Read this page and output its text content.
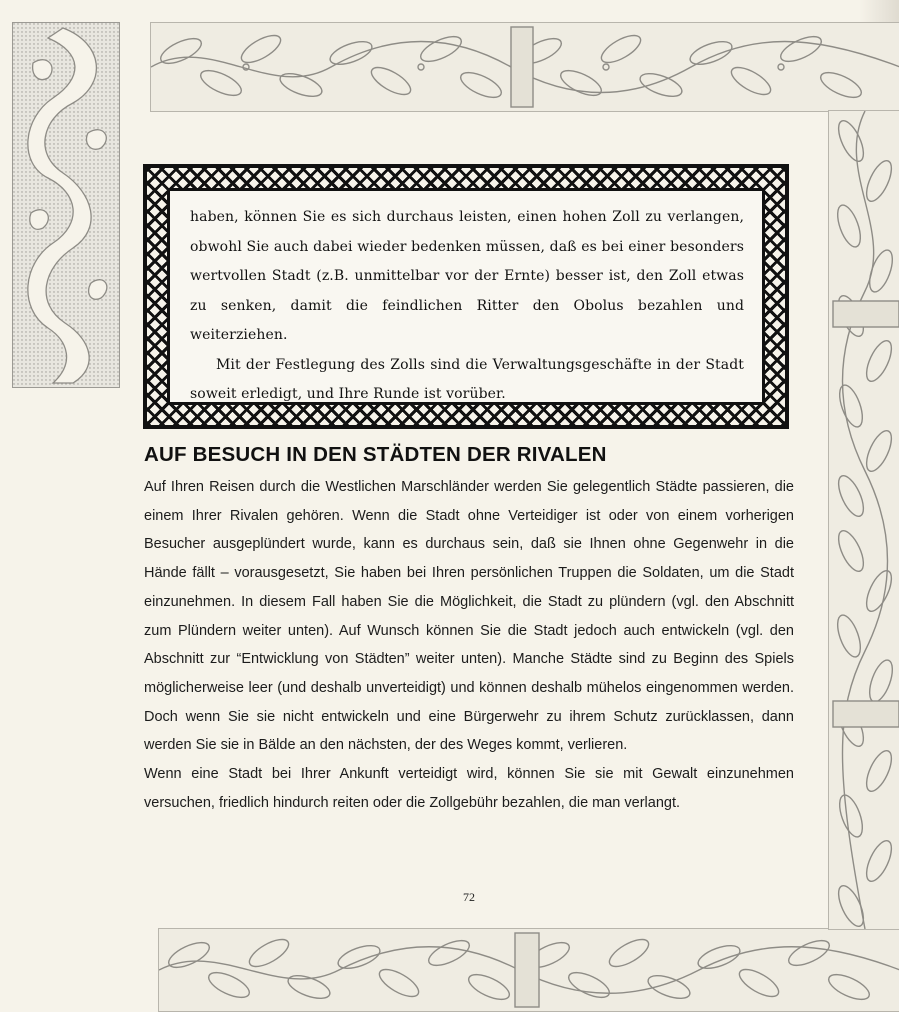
haben, können Sie es sich durchaus leisten, einen hohen Zoll zu verlangen, obwohl Sie auch dabei wieder bedenken müssen, daß es bei einer besonders wertvollen Stadt (z.B. unmittelbar vor der Ernte) besser ist, den Zoll etwas zu senken, damit die feindlichen Ritter den Obolus bezahlen und weiterziehen.

Mit der Festlegung des Zolls sind die Verwaltungsgeschäfte in der Stadt soweit erledigt, und Ihre Runde ist vorüber.

AUF BESUCH IN DEN STÄDTEN DER RIVALEN

Auf Ihren Reisen durch die Westlichen Marschländer werden Sie gelegentlich Städte passieren, die einem Ihrer Rivalen gehören. Wenn die Stadt ohne Verteidiger ist oder von einem vorherigen Besucher ausgeplündert wurde, kann es durchaus sein, daß sie Ihnen ohne Gegenwehr in die Hände fällt – vorausgesetzt, Sie haben bei Ihren persönlichen Truppen die Soldaten, um die Stadt einzunehmen. In diesem Fall haben Sie die Möglichkeit, die Stadt zu plündern (vgl. den Abschnitt zum Plündern weiter unten). Auf Wunsch können Sie die Stadt jedoch auch entwickeln (vgl. den Abschnitt zur “Entwicklung von Städten” weiter unten). Manche Städte sind zu Beginn des Spiels möglicherweise leer (und deshalb unverteidigt) und können deshalb mühelos eingenommen werden. Doch wenn Sie sie nicht entwickeln und eine Bürgerwehr zu ihrem Schutz zurücklassen, dann werden Sie sie in Bälde an den nächsten, der des Weges kommt, verlieren.

Wenn eine Stadt bei Ihrer Ankunft verteidigt wird, können Sie sie mit Gewalt einzunehmen versuchen, friedlich hindurch reiten oder die Zollgebühr bezahlen, die man verlangt.

72
